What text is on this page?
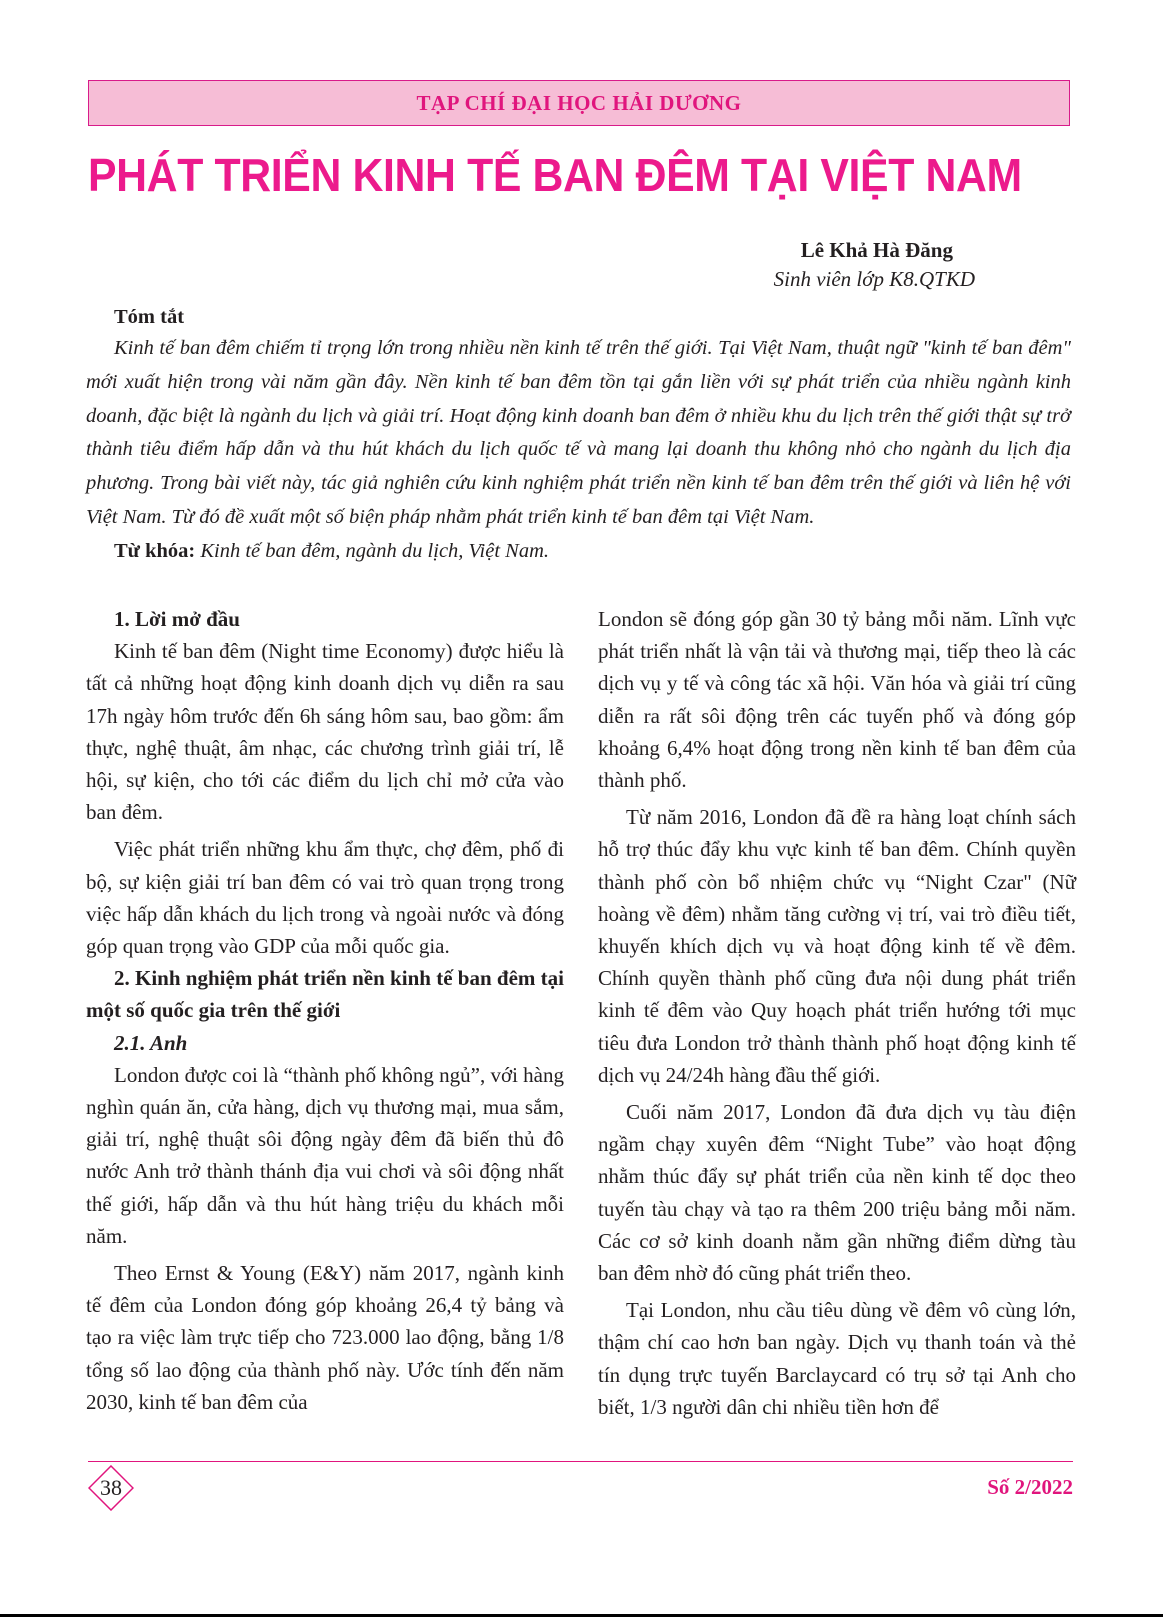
TẠP CHÍ ĐẠI HỌC HẢI DƯƠNG
PHÁT TRIỂN KINH TẾ BAN ĐÊM TẠI VIỆT NAM
Lê Khả Hà Đăng
Sinh viên lớp K8.QTKD

Tóm tắt

Kinh tế ban đêm chiếm tỉ trọng lớn trong nhiều nền kinh tế trên thế giới. Tại Việt Nam, thuật ngữ "kinh tế ban đêm" mới xuất hiện trong vài năm gần đây. Nền kinh tế ban đêm tồn tại gắn liền với sự phát triển của nhiều ngành kinh doanh, đặc biệt là ngành du lịch và giải trí. Hoạt động kinh doanh ban đêm ở nhiều khu du lịch trên thế giới thật sự trở thành tiêu điểm hấp dẫn và thu hút khách du lịch quốc tế và mang lại doanh thu không nhỏ cho ngành du lịch địa phương. Trong bài viết này, tác giả nghiên cứu kinh nghiệm phát triển nền kinh tế ban đêm trên thế giới và liên hệ với Việt Nam. Từ đó đề xuất một số biện pháp nhằm phát triển kinh tế ban đêm tại Việt Nam.

Từ khóa: Kinh tế ban đêm, ngành du lịch, Việt Nam.

1. Lời mở đầu

Kinh tế ban đêm (Night time Economy) được hiểu là tất cả những hoạt động kinh doanh dịch vụ diễn ra sau 17h ngày hôm trước đến 6h sáng hôm sau, bao gồm: ẩm thực, nghệ thuật, âm nhạc, các chương trình giải trí, lễ hội, sự kiện, cho tới các điểm du lịch chỉ mở cửa vào ban đêm.

Việc phát triển những khu ẩm thực, chợ đêm, phố đi bộ, sự kiện giải trí ban đêm có vai trò quan trọng trong việc hấp dẫn khách du lịch trong và ngoài nước và đóng góp quan trọng vào GDP của mỗi quốc gia.

2. Kinh nghiệm phát triển nền kinh tế ban đêm tại một số quốc gia trên thế giới
2.1. Anh

London được coi là “thành phố không ngủ”, với hàng nghìn quán ăn, cửa hàng, dịch vụ thương mại, mua sắm, giải trí, nghệ thuật sôi động ngày đêm đã biến thủ đô nước Anh trở thành thánh địa vui chơi và sôi động nhất thế giới, hấp dẫn và thu hút hàng triệu du khách mỗi năm.

Theo Ernst & Young (E&Y) năm 2017, ngành kinh tế đêm của London đóng góp khoảng 26,4 tỷ bảng và tạo ra việc làm trực tiếp cho 723.000 lao động, bằng 1/8 tổng số lao động của thành phố này. Ước tính đến năm 2030, kinh tế ban đêm của

London sẽ đóng góp gần 30 tỷ bảng mỗi năm. Lĩnh vực phát triển nhất là vận tải và thương mại, tiếp theo là các dịch vụ y tế và công tác xã hội. Văn hóa và giải trí cũng diễn ra rất sôi động trên các tuyến phố và đóng góp khoảng 6,4% hoạt động trong nền kinh tế ban đêm của thành phố.

Từ năm 2016, London đã đề ra hàng loạt chính sách hỗ trợ thúc đẩy khu vực kinh tế ban đêm. Chính quyền thành phố còn bổ nhiệm chức vụ “Night Czar" (Nữ hoàng về đêm) nhằm tăng cường vị trí, vai trò điều tiết, khuyến khích dịch vụ và hoạt động kinh tế về đêm. Chính quyền thành phố cũng đưa nội dung phát triển kinh tế đêm vào Quy hoạch phát triển hướng tới mục tiêu đưa London trở thành thành phố hoạt động kinh tế dịch vụ 24/24h hàng đầu thế giới.

Cuối năm 2017, London đã đưa dịch vụ tàu điện ngầm chạy xuyên đêm “Night Tube” vào hoạt động nhằm thúc đẩy sự phát triển của nền kinh tế dọc theo tuyến tàu chạy và tạo ra thêm 200 triệu bảng mỗi năm. Các cơ sở kinh doanh nằm gần những điểm dừng tàu ban đêm nhờ đó cũng phát triển theo.

Tại London, nhu cầu tiêu dùng về đêm vô cùng lớn, thậm chí cao hơn ban ngày. Dịch vụ thanh toán và thẻ tín dụng trực tuyến Barclaycard có trụ sở tại Anh cho biết, 1/3 người dân chi nhiều tiền hơn để

38	Số 2/2022
